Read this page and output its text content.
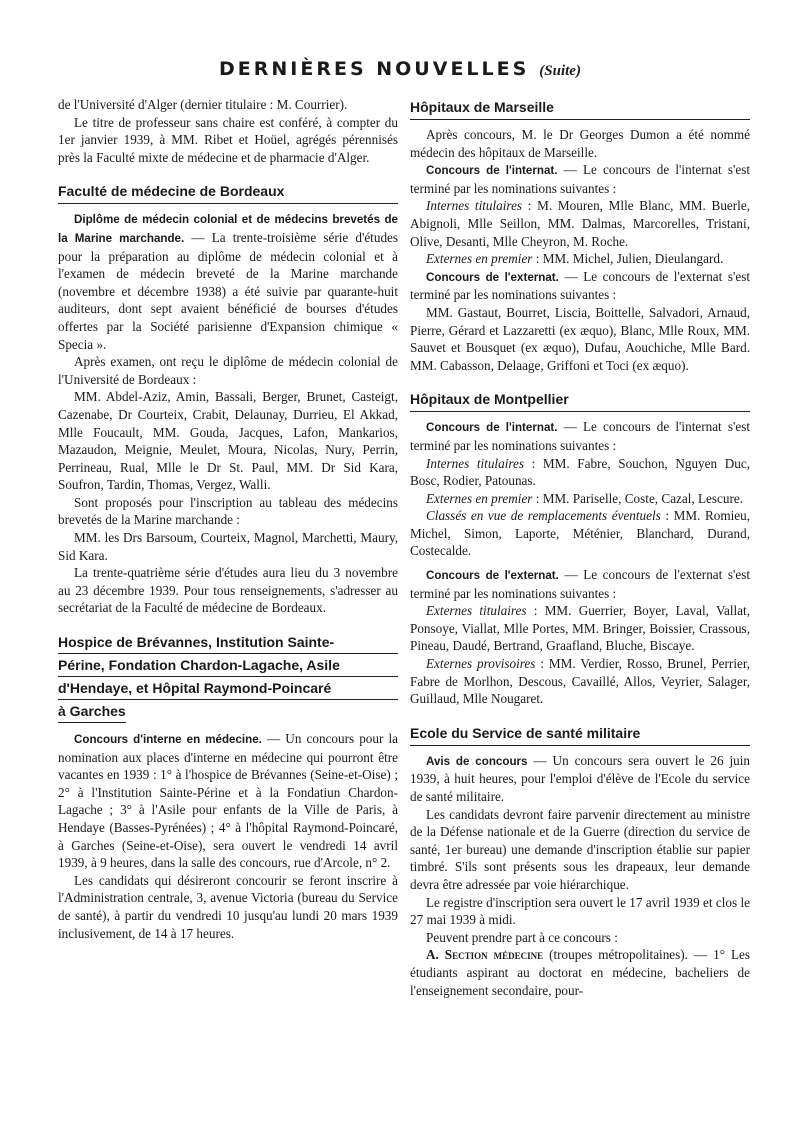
DERNIÈRES NOUVELLES (Suite)

de l'Université d'Alger (dernier titulaire : M. Courrier).

Le titre de professeur sans chaire est conféré, à compter du 1er janvier 1939, à MM. Ribet et Hoüel, agrégés pérennisés près la Faculté mixte de médecine et de pharmacie d'Alger.

Faculté de médecine de Bordeaux

Diplôme de médecin colonial et de médecins brevetés de la Marine marchande. — La trente-troisième série d'études pour la préparation au diplôme de médecin colonial et à l'examen de médecin breveté de la Marine marchande (novembre et décembre 1938) a été suivie par quarante-huit auditeurs, dont sept avaient bénéficié de bourses d'études offertes par la Société parisienne d'Expansion chimique « Specia ».

Après examen, ont reçu le diplôme de médecin colonial de l'Université de Bordeaux :

MM. Abdel-Aziz, Amin, Bassali, Berger, Brunet, Casteigt, Cazenabe, Dr Courteix, Crabit, Delaunay, Durrieu, El Akkad, Mlle Foucault, MM. Gouda, Jacques, Lafon, Mankarios, Mazaudon, Meignie, Meulet, Moura, Nicolas, Nury, Perrin, Perrineau, Rual, Mlle le Dr St. Paul, MM. Dr Sid Kara, Soufron, Tardin, Thomas, Vergez, Walli.

Sont proposés pour l'inscription au tableau des médecins brevetés de la Marine marchande :

MM. les Drs Barsoum, Courteix, Magnol, Marchetti, Maury, Sid Kara.

La trente-quatrième série d'études aura lieu du 3 novembre au 23 décembre 1939. Pour tous renseignements, s'adresser au secrétariat de la Faculté de médecine de Bordeaux.

Hospice de Brévannes, Institution Sainte-
Périne, Fondation Chardon-Lagache, Asile
d'Hendaye, et Hôpital Raymond-Poincaré
à Garches

Concours d'interne en médecine. — Un concours pour la nomination aux places d'interne en médecine qui pourront être vacantes en 1939 : 1° à l'hospice de Brévannes (Seine-et-Oise) ; 2° à l'Institution Sainte-Périne et à la Fondatiun Chardon-Lagache ; 3° à l'Asile pour enfants de la Ville de Paris, à Hendaye (Basses-Pyrénées) ; 4° à l'hôpital Raymond-Poincaré, à Garches (Seine-et-Oise), sera ouvert le vendredi 14 avril 1939, à 9 heures, dans la salle des concours, rue d'Arcole, n° 2.

Les candidats qui désireront concourir se feront inscrire à l'Administration centrale, 3, avenue Victoria (bureau du Service de santé), à partir du vendredi 10 jusqu'au lundi 20 mars 1939 inclusivement, de 14 à 17 heures.

Hôpitaux de Marseille

Après concours, M. le Dr Georges Dumon a été nommé médecin des hôpitaux de Marseille.

Concours de l'internat. — Le concours de l'internat s'est terminé par les nominations suivantes :

Internes titulaires : M. Mouren, Mlle Blanc, MM. Buerle, Abignoli, Mlle Seillon, MM. Dalmas, Marcorelles, Tristani, Olive, Desanti, Mlle Cheyron, M. Roche.

Externes en premier : MM. Michel, Julien, Dieulangard.

Concours de l'externat. — Le concours de l'externat s'est terminé par les nominations suivantes :

MM. Gastaut, Bourret, Liscia, Boittelle, Salvadori, Arnaud, Pierre, Gérard et Lazzaretti (ex æquo), Blanc, Mlle Roux, MM. Sauvet et Bousquet (ex æquo), Dufau, Aouchiche, Mlle Bard. MM. Cabasson, Delaage, Griffoni et Toci (ex æquo).

Hôpitaux de Montpellier

Concours de l'internat. — Le concours de l'internat s'est terminé par les nominations suivantes :

Internes titulaires : MM. Fabre, Souchon, Nguyen Duc, Bosc, Rodier, Patounas.

Externes en premier : MM. Pariselle, Coste, Cazal, Lescure.

Classés en vue de remplacements éventuels : MM. Romieu, Michel, Simon, Laporte, Méténier, Blanchard, Durand, Costecalde.

Concours de l'externat. — Le concours de l'externat s'est terminé par les nominations suivantes :

Externes titulaires : MM. Guerrier, Boyer, Laval, Vallat, Ponsoye, Viallat, Mlle Portes, MM. Bringer, Boissier, Crassous, Pineau, Daudé, Bertrand, Graafland, Bluche, Biscaye.

Externes provisoires : MM. Verdier, Rosso, Brunel, Perrier, Fabre de Morlhon, Descous, Cavaillé, Allos, Veyrier, Salager, Guillaud, Mlle Nougaret.

Ecole du Service de santé militaire

Avis de concours — Un concours sera ouvert le 26 juin 1939, à huit heures, pour l'emploi d'élève de l'Ecole du service de santé militaire.

Les candidats devront faire parvenir directement au ministre de la Défense nationale et de la Guerre (direction du service de santé, 1er bureau) une demande d'inscription établie sur papier timbré. S'ils sont présents sous les drapeaux, leur demande devra être adressée par voie hiérarchique.

Le registre d'inscription sera ouvert le 17 avril 1939 et clos le 27 mai 1939 à midi.

Peuvent prendre part à ce concours :

A. Section médecine (troupes métropolitaines). — 1° Les étudiants aspirant au doctorat en médecine, bacheliers de l'enseignement secondaire, pour-
